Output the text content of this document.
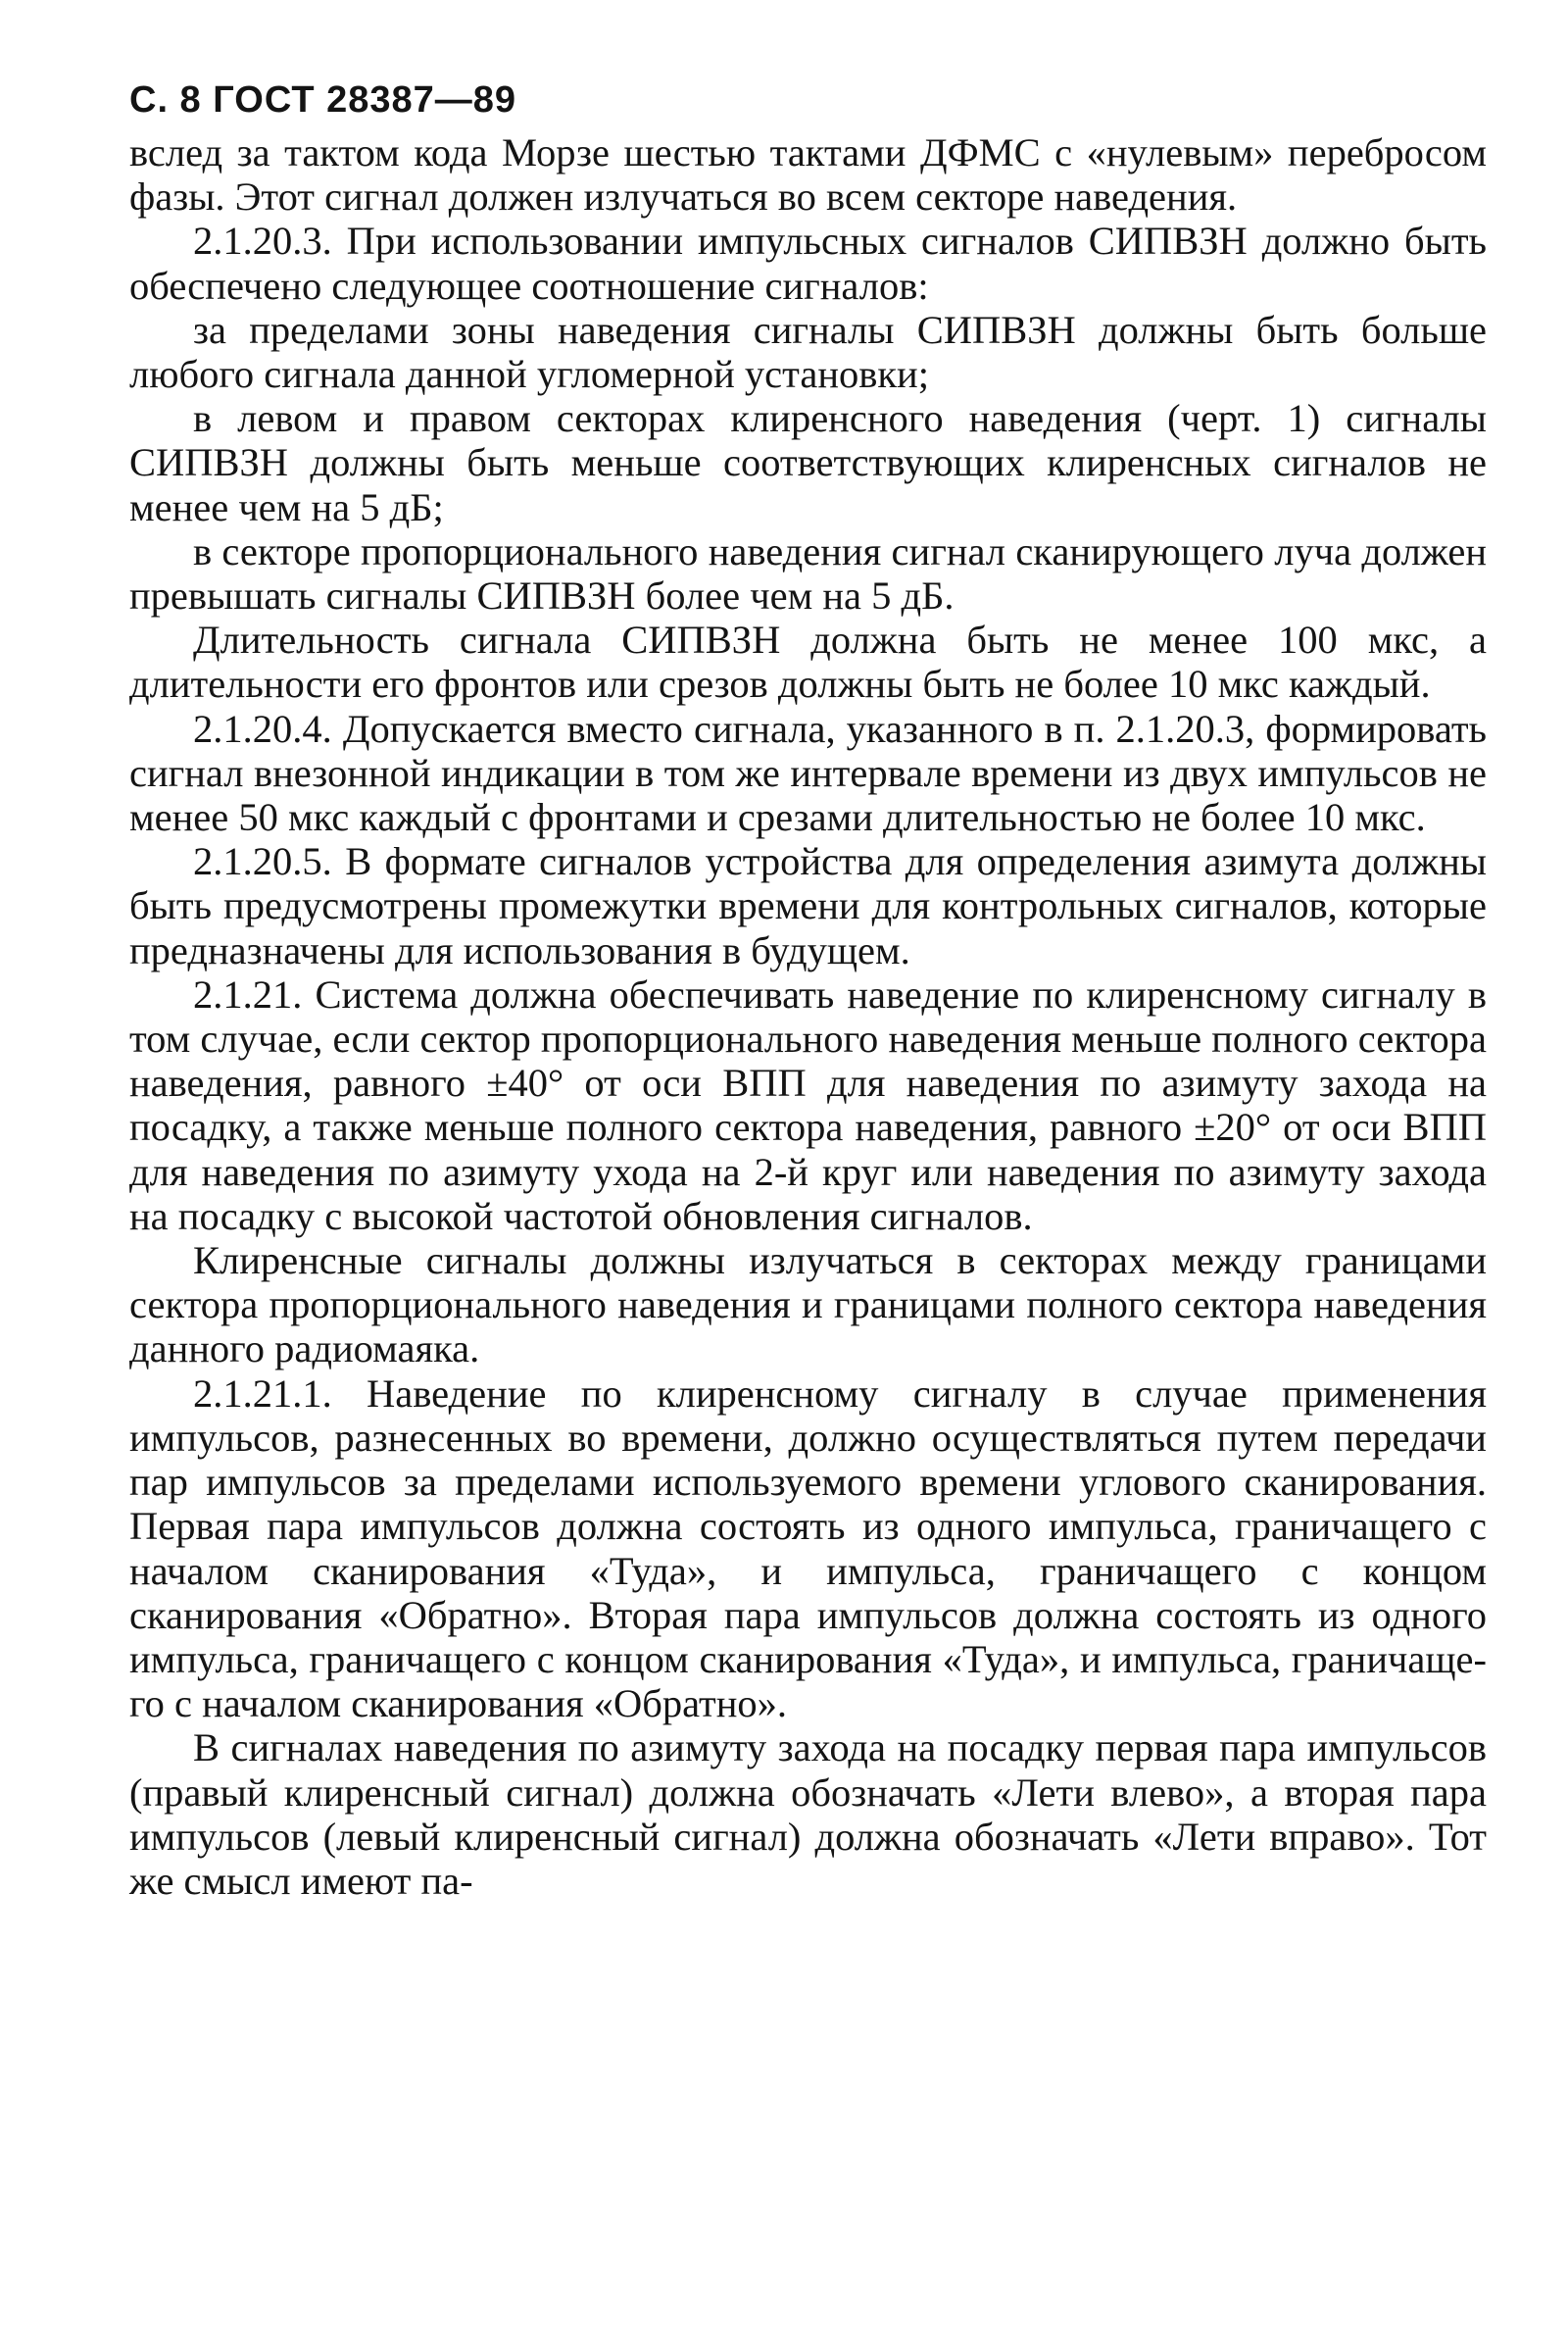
С. 8 ГОСТ 28387—89

вслед за тактом кода Морзе шестью тактами ДФМС с «нулевым» перебросом фазы. Этот сигнал должен излучаться во всем секторе наведения.

2.1.20.3. При использовании импульсных сигналов СИПВЗН должно быть обеспечено следующее соотношение сигналов:

за пределами зоны наведения сигналы СИПВЗН должны быть больше любого сигнала данной угломерной установки;

в левом и правом секторах клиренсного наведения (черт. 1) сигналы СИПВЗН должны быть меньше соответствующих клиренсных сигналов не менее чем на 5 дБ;

в секторе пропорционального наведения сигнал сканирующего луча должен превышать сигналы СИПВЗН более чем на 5 дБ.

Длительность сигнала СИПВЗН должна быть не менее 100 мкс, а длительности его фронтов или срезов должны быть не более 10 мкс каждый.

2.1.20.4. Допускается вместо сигнала, указанного в п. 2.1.20.3, формировать сигнал внезонной индикации в том же интервале времени из двух импульсов не менее 50 мкс каждый с фронтами и срезами длительностью не более 10 мкс.

2.1.20.5. В формате сигналов устройства для определения азимута должны быть предусмотрены промежутки времени для контрольных сигналов, которые предназначены для использования в будущем.

2.1.21. Система должна обеспечивать наведение по клиренсному сигналу в том случае, если сектор пропорционального наведения меньше полного сектора наведения, равного ±40° от оси ВПП для наведения по азимуту захода на посадку, а также меньше полного сектора наведения, равного ±20° от оси ВПП для наведения по азимуту ухода на 2-й круг или наведения по азимуту захода на посадку с высокой частотой обновления сигналов.

Клиренсные сигналы должны излучаться в секторах между границами сектора пропорционального наведения и границами полного сектора наведения данного радиомаяка.

2.1.21.1. Наведение по клиренсному сигналу в случае применения импульсов, разнесенных во времени, должно осуществляться путем передачи пар импульсов за пределами используемого времени углового сканирования. Первая пара импульсов должна состоять из одного импульса, граничащего с началом сканирования «Туда», и импульса, граничащего с концом сканирования «Обратно». Вторая пара импульсов должна состоять из одного импульса, граничащего с концом сканирования «Туда», и импульса, граничащего с началом сканирования «Обратно».

В сигналах наведения по азимуту захода на посадку первая пара импульсов (правый клиренсный сигнал) должна обозначать «Лети влево», а вторая пара импульсов (левый клиренсный сигнал) должна обозначать «Лети вправо». Тот же смысл имеют па-
